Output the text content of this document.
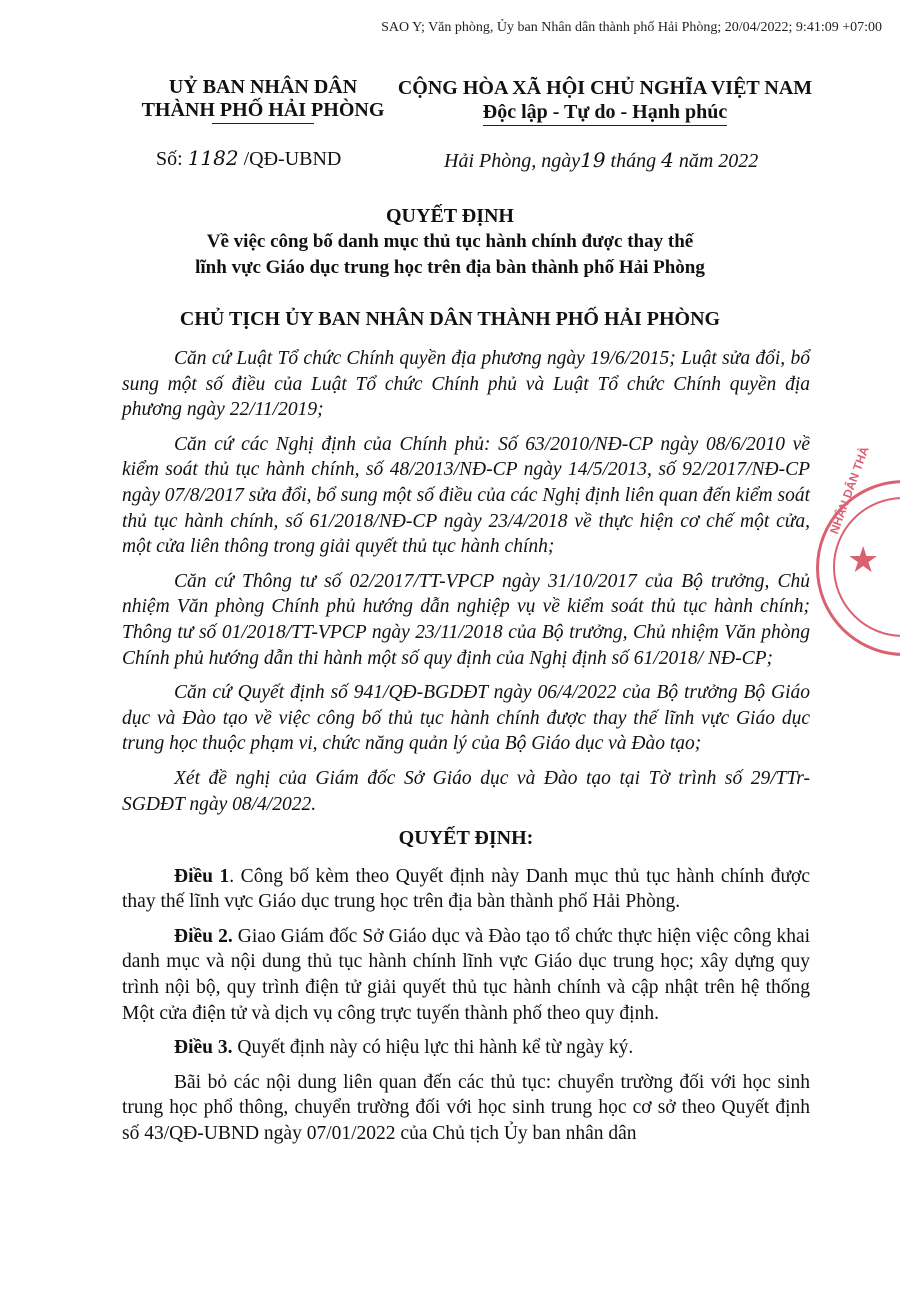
SAO Y; Văn phòng, Ủy ban Nhân dân thành phố Hải Phòng; 20/04/2022; 9:41:09 +07:00
UỶ BAN NHÂN DÂN
THÀNH PHỐ HẢI PHÒNG
CỘNG HÒA XÃ HỘI CHỦ NGHĨA VIỆT NAM
Độc lập - Tự do - Hạnh phúc
Số: 1182 /QĐ-UBND	Hải Phòng, ngày19 tháng 4 năm 2022
QUYẾT ĐỊNH
Về việc công bố danh mục thủ tục hành chính được thay thế
lĩnh vực Giáo dục trung học trên địa bàn thành phố Hải Phòng
CHỦ TỊCH ỦY BAN NHÂN DÂN THÀNH PHỐ HẢI PHÒNG

Căn cứ Luật Tổ chức Chính quyền địa phương ngày 19/6/2015; Luật sửa đổi, bổ sung một số điều của Luật Tổ chức Chính phủ và Luật Tổ chức Chính quyền địa phương ngày 22/11/2019;

Căn cứ các Nghị định của Chính phủ: Số 63/2010/NĐ-CP ngày 08/6/2010 về kiểm soát thủ tục hành chính, số 48/2013/NĐ-CP ngày 14/5/2013, số 92/2017/NĐ-CP ngày 07/8/2017 sửa đổi, bổ sung một số điều của các Nghị định liên quan đến kiểm soát thủ tục hành chính, số 61/2018/NĐ-CP ngày 23/4/2018 về thực hiện cơ chế một cửa, một cửa liên thông trong giải quyết thủ tục hành chính;

Căn cứ Thông tư số 02/2017/TT-VPCP ngày 31/10/2017 của Bộ trưởng, Chủ nhiệm Văn phòng Chính phủ hướng dẫn nghiệp vụ về kiểm soát thủ tục hành chính; Thông tư số 01/2018/TT-VPCP ngày 23/11/2018 của Bộ trưởng, Chủ nhiệm Văn phòng Chính phủ hướng dẫn thi hành một số quy định của Nghị định số 61/2018/ NĐ-CP;

Căn cứ Quyết định số 941/QĐ-BGDĐT ngày 06/4/2022 của Bộ trưởng Bộ Giáo dục và Đào tạo về việc công bố thủ tục hành chính được thay thế lĩnh vực Giáo dục trung học thuộc phạm vi, chức năng quản lý của Bộ Giáo dục và Đào tạo;

Xét đề nghị của Giám đốc Sở Giáo dục và Đào tạo tại Tờ trình số 29/TTr-SGDĐT ngày 08/4/2022.

QUYẾT ĐỊNH:

Điều 1. Công bố kèm theo Quyết định này Danh mục thủ tục hành chính được thay thế lĩnh vực Giáo dục trung học trên địa bàn thành phố Hải Phòng.

Điều 2. Giao Giám đốc Sở Giáo dục và Đào tạo tổ chức thực hiện việc công khai danh mục và nội dung thủ tục hành chính lĩnh vực Giáo dục trung học; xây dựng quy trình nội bộ, quy trình điện tử giải quyết thủ tục hành chính và cập nhật trên hệ thống Một cửa điện tử và dịch vụ công trực tuyến thành phố theo quy định.

Điều 3. Quyết định này có hiệu lực thi hành kể từ ngày ký.

Bãi bỏ các nội dung liên quan đến các thủ tục: chuyển trường đối với học sinh trung học phổ thông, chuyển trường đối với học sinh trung học cơ sở theo Quyết định số 43/QĐ-UBND ngày 07/01/2022 của Chủ tịch Ủy ban nhân dân

★
NHÂN DÂN THÀ
